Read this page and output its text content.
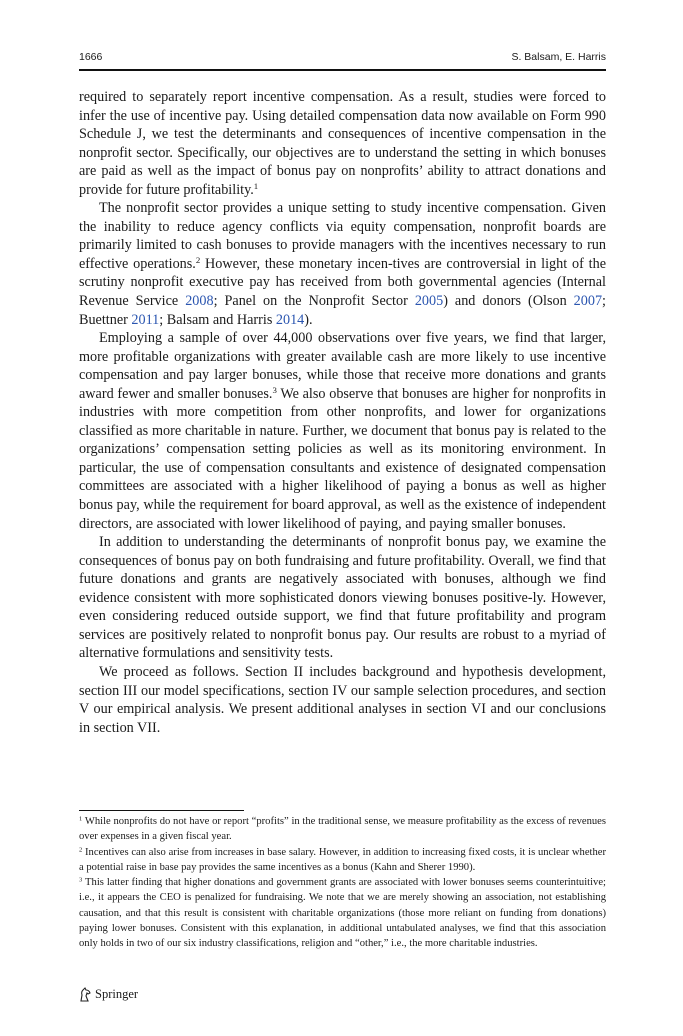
1666	S. Balsam, E. Harris

required to separately report incentive compensation. As a result, studies were forced to infer the use of incentive pay. Using detailed compensation data now available on Form 990 Schedule J, we test the determinants and consequences of incentive compensation in the nonprofit sector. Specifically, our objectives are to understand the setting in which bonuses are paid as well as the impact of bonus pay on nonprofits’ ability to attract donations and provide for future profitability.$^1$

The nonprofit sector provides a unique setting to study incentive compensation. Given the inability to reduce agency conflicts via equity compensation, nonprofit boards are primarily limited to cash bonuses to provide managers with the incentives necessary to run effective operations.$^2$ However, these monetary incen-tives are controversial in light of the scrutiny nonprofit executive pay has received from both governmental agencies (Internal Revenue Service 2008; Panel on the Nonprofit Sector 2005) and donors (Olson 2007; Buettner 2011; Balsam and Harris 2014).

Employing a sample of over 44,000 observations over five years, we find that larger, more profitable organizations with greater available cash are more likely to use incentive compensation and pay larger bonuses, while those that receive more donations and grants award fewer and smaller bonuses.$^3$ We also observe that bonuses are higher for nonprofits in industries with more competition from other nonprofits, and lower for organizations classified as more charitable in nature. Further, we document that bonus pay is related to the organizations’ compensation setting policies as well as its monitoring environment. In particular, the use of compensation consultants and existence of designated compensation committees are associated with a higher likelihood of paying a bonus as well as higher bonus pay, while the requirement for board approval, as well as the existence of independent directors, are associated with lower likelihood of paying, and paying smaller bonuses.

In addition to understanding the determinants of nonprofit bonus pay, we examine the consequences of bonus pay on both fundraising and future profitability. Overall, we find that future donations and grants are negatively associated with bonuses, although we find evidence consistent with more sophisticated donors viewing bonuses positive-ly. However, even considering reduced outside support, we find that future profitability and program services are positively related to nonprofit bonus pay. Our results are robust to a myriad of alternative formulations and sensitivity tests.

We proceed as follows. Section II includes background and hypothesis development, section III our model specifications, section IV our sample selection procedures, and section V our empirical analysis. We present additional analyses in section VI and our conclusions in section VII.

$^1$ While nonprofits do not have or report “profits” in the traditional sense, we measure profitability as the excess of revenues over expenses in a given fiscal year.

$^2$ Incentives can also arise from increases in base salary. However, in addition to increasing fixed costs, it is unclear whether a potential raise in base pay provides the same incentives as a bonus (Kahn and Sherer 1990).

$^3$ This latter finding that higher donations and government grants are associated with lower bonuses seems counterintuitive; i.e., it appears the CEO is penalized for fundraising. We note that we are merely showing an association, not establishing causation, and that this result is consistent with charitable organizations (those more reliant on funding from donations) paying lower bonuses. Consistent with this explanation, in additional untabulated analyses, we find that this association only holds in two of our six industry classifications, religion and “other,” i.e., the more charitable industries.

Springer
